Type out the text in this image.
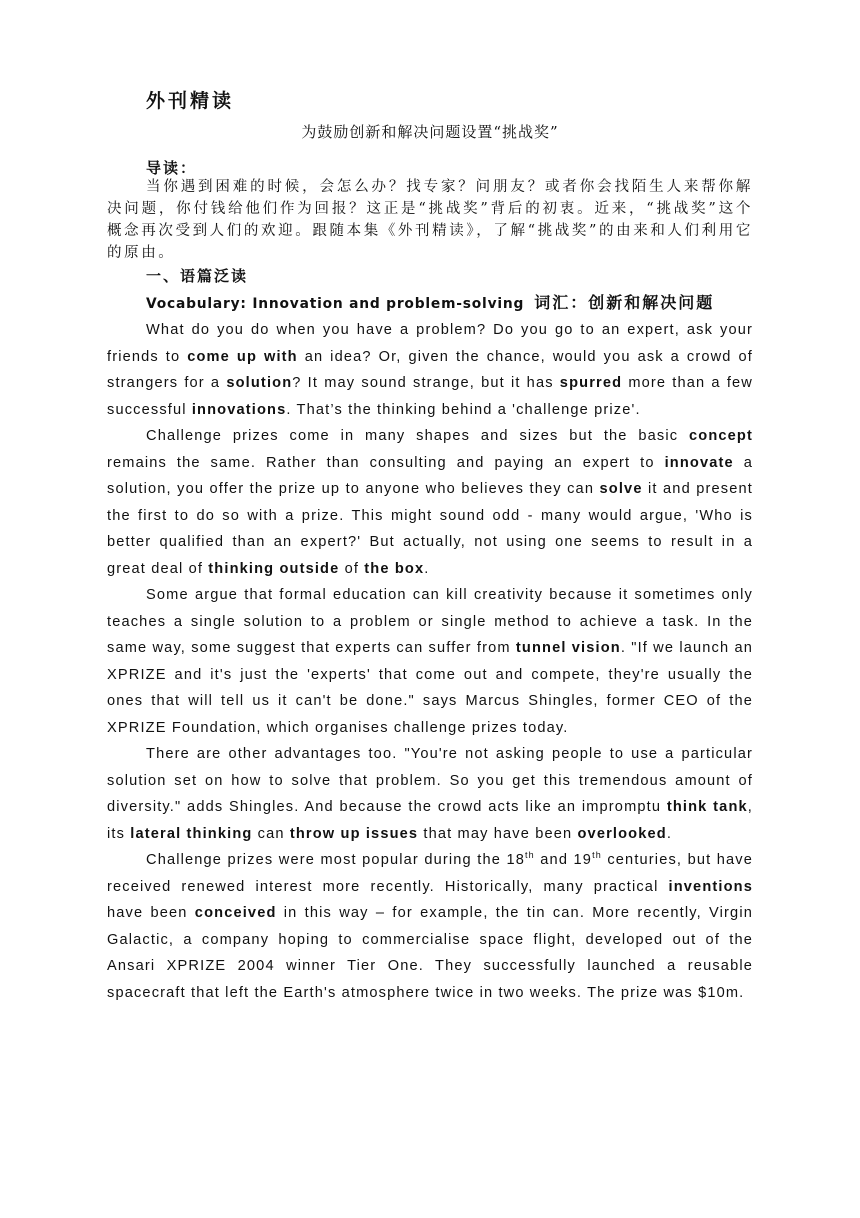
外刊精读
为鼓励创新和解决问题设置“挑战奖”
导读：
当你遇到困难的时候，会怎么办？找专家？问朋友？或者你会找陌生人来帮你解决问题，你付钱给他们作为回报？这正是“挑战奖”背后的初衷。近来，“挑战奖”这个概念再次受到人们的欢迎。跟随本集《外刊精读》，了解“挑战奖”的由来和人们利用它的原由。
一、语篇泛读
Vocabulary: Innovation and problem-solving 词汇：创新和解决问题

What do you do when you have a problem? Do you go to an expert, ask your friends to come up with an idea? Or, given the chance, would you ask a crowd of strangers for a solution? It may sound strange, but it has spurred more than a few successful innovations. That’s the thinking behind a 'challenge prize'.

Challenge prizes come in many shapes and sizes but the basic concept remains the same. Rather than consulting and paying an expert to innovate a solution, you offer the prize up to anyone who believes they can solve it and present the first to do so with a prize. This might sound odd - many would argue, 'Who is better qualified than an expert?' But actually, not using one seems to result in a great deal of thinking outside of the box.

Some argue that formal education can kill creativity because it sometimes only teaches a single solution to a problem or single method to achieve a task. In the same way, some suggest that experts can suffer from tunnel vision. "If we launch an XPRIZE and it's just the 'experts' that come out and compete, they're usually the ones that will tell us it can't be done." says Marcus Shingles, former CEO of the XPRIZE Foundation, which organises challenge prizes today.

There are other advantages too. "You're not asking people to use a particular solution set on how to solve that problem. So you get this tremendous amount of diversity." adds Shingles. And because the crowd acts like an impromptu think tank, its lateral thinking can throw up issues that may have been overlooked.

Challenge prizes were most popular during the 18th and 19th centuries, but have received renewed interest more recently. Historically, many practical inventions have been conceived in this way – for example, the tin can. More recently, Virgin Galactic, a company hoping to commercialise space flight, developed out of the Ansari XPRIZE 2004 winner Tier One. They successfully launched a reusable spacecraft that left the Earth's atmosphere twice in two weeks. The prize was $10m.
